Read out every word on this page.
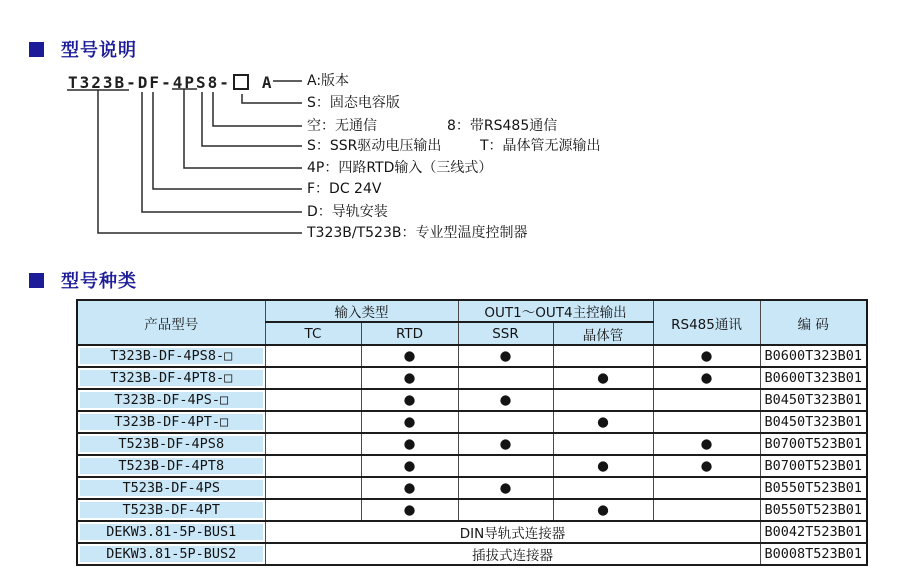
型号说明
T323B-DF-4PS8- A	A:版本
S：固态电容版
空：无通信	8：带RS485通信
S：SSR驱动电压输出	T：晶体管无源输出
4P：四路RTD输入（三线式）
F：DC 24V
D：导轨安装
T323B/T523B：专业型温度控制器
型号种类
产品型号	输入类型		OUT1～OUT4主控输出		RS485通讯	编 码
	TC	RTD	SSR	晶体管		
T323B-DF-4PS8-□		●	●		●	B0600T323B01
T323B-DF-4PT8-□		●		●	●	B0600T323B01
T323B-DF-4PS-□		●	●			B0450T323B01
T323B-DF-4PT-□		●		●		B0450T323B01
T523B-DF-4PS8		●	●		●	B0700T523B01
T523B-DF-4PT8		●		●	●	B0700T523B01
T523B-DF-4PS		●	●			B0550T523B01
T523B-DF-4PT		●		●		B0550T523B01
DEKW3.81-5P-BUS1	DIN导轨式连接器					B0042T523B01
DEKW3.81-5P-BUS2	插拔式连接器					B0008T523B01
